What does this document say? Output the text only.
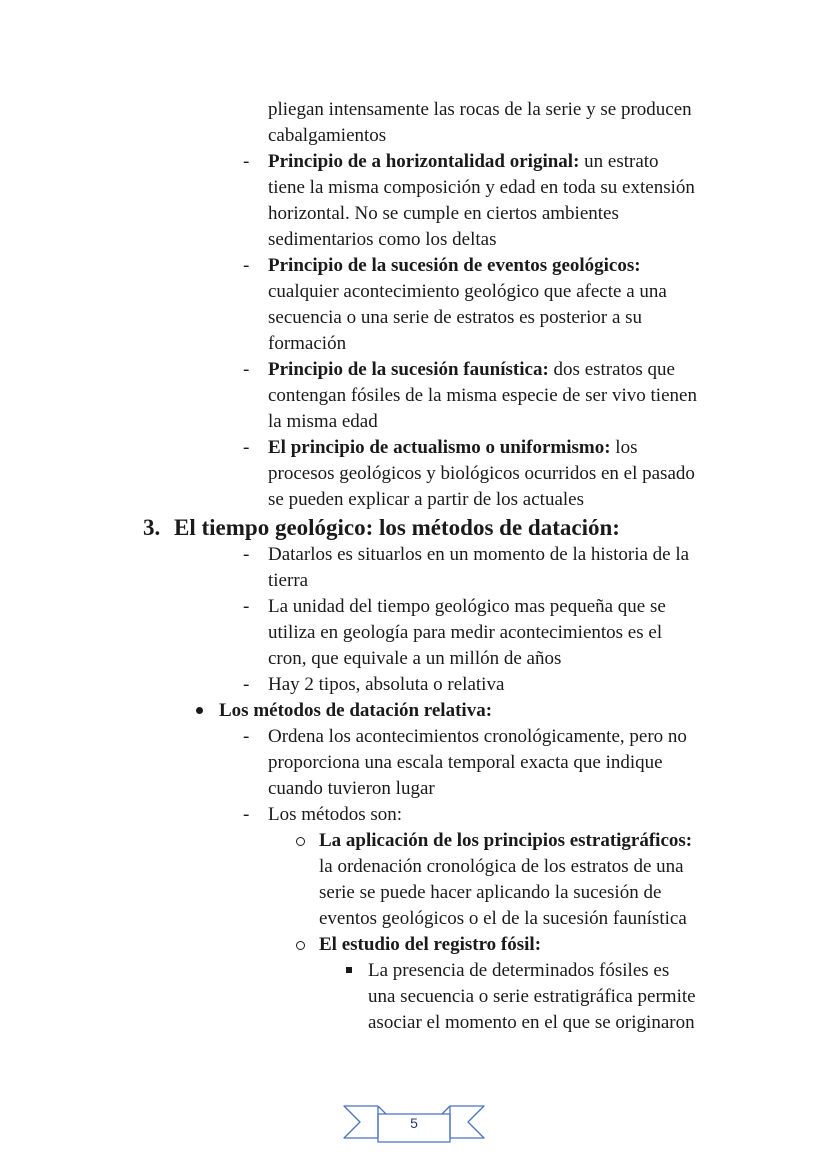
pliegan intensamente las rocas de la serie y se producen
cabalgamientos
- Principio de a horizontalidad original: un estrato
tiene la misma composición y edad en toda su extensión
horizontal. No se cumple en ciertos ambientes
sedimentarios como los deltas
- Principio de la sucesión de eventos geológicos:
cualquier acontecimiento geológico que afecte a una
secuencia o una serie de estratos es posterior a su
formación
- Principio de la sucesión faunística: dos estratos que
contengan fósiles de la misma especie de ser vivo tienen
la misma edad
- El principio de actualismo o uniformismo: los
procesos geológicos y biológicos ocurridos en el pasado
se pueden explicar a partir de los actuales
3. El tiempo geológico: los métodos de datación:
- Datarlos es situarlos en un momento de la historia de la
tierra
- La unidad del tiempo geológico mas pequeña que se
utiliza en geología para medir acontecimientos es el
cron, que equivale a un millón de años
- Hay 2 tipos, absoluta o relativa
Los métodos de datación relativa:
- Ordena los acontecimientos cronológicamente, pero no
proporciona una escala temporal exacta que indique
cuando tuvieron lugar
- Los métodos son:
La aplicación de los principios estratigráficos:
la ordenación cronológica de los estratos de una
serie se puede hacer aplicando la sucesión de
eventos geológicos o el de la sucesión faunística
El estudio del registro fósil:
La presencia de determinados fósiles es
una secuencia o serie estratigráfica permite
asociar el momento en el que se originaron
5
